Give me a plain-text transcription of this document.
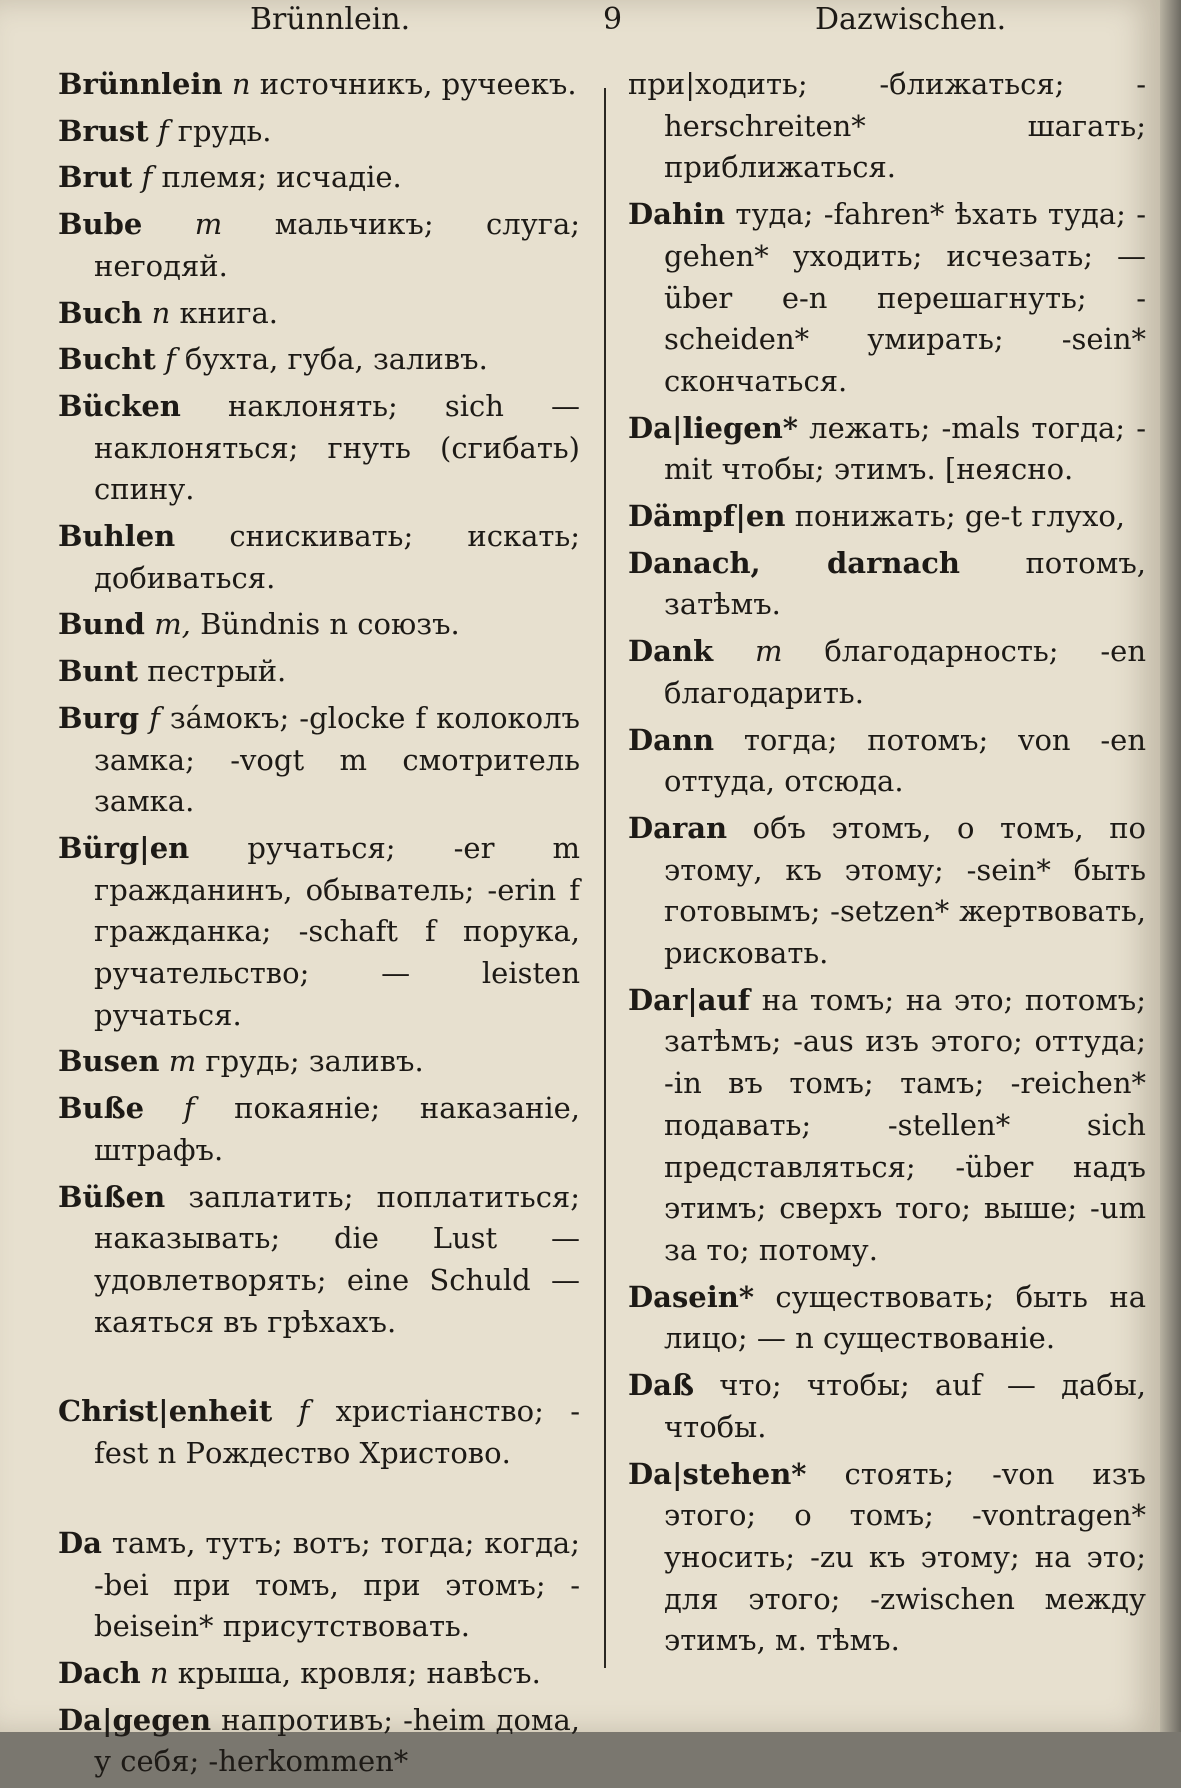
Brünnlein.	9	Dazwischen.

Brünnlein n источникъ, ручеекъ.

Brust f грудь.

Brut f племя; исчадіе.

Bube m мальчикъ; слуга; негодяй.

Buch n книга.

Bucht f бухта, губа, заливъ.

Bücken наклонять; sich — наклоняться; гнуть (сгибать) спину.

Buhlen снискивать; искать; добиваться.

Bund m, Bündnis n союзъ.

Bunt пестрый.

Burg f зáмокъ; -glocke f колоколъ замка; -vogt m смотритель замка.

Bürg|en ручаться; -er m гражданинъ, обыватель; -erin f гражданка; -schaft f порука, ручательство; — leisten ручаться.

Busen m грудь; заливъ.

Buße f покаяніе; наказаніе, штрафъ.

Büßen заплатить; поплатиться; наказывать; die Lust — удовлетворять; eine Schuld — каяться въ грѣхахъ.

Christ|enheit f христіанство; -fest n Рождество Христово.

Da тамъ, тутъ; вотъ; тогда; когда; -bei при томъ, при этомъ; -beisein* присутствовать.

Dach n крыша, кровля; навѣсъ.

Da|gegen напротивъ; -heim дома, у себя; -herkommen*

при|ходить; -ближаться; -herschreiten* шагать; приближаться.

Dahin туда; -fahren* ѣхать туда; -gehen* уходить; исчезать; — über e-n перешагнуть; -scheiden* умирать; -sein* скончаться.

Da|liegen* лежать; -mals тогда; -mit чтобы; этимъ. [неясно.

Dämpf|en понижать; ge-t глухо,

Danach, darnach потомъ, затѣмъ.

Dank m благодарность; -en благодарить.

Dann тогда; потомъ; von -en оттуда, отсюда.

Daran объ этомъ, о томъ, по этому, къ этому; -sein* быть готовымъ; -setzen* жертвовать, рисковать.

Dar|auf на томъ; на это; потомъ; затѣмъ; -aus изъ этого; оттуда; -in въ томъ; тамъ; -reichen* подавать; -stellen* sich представляться; -über надъ этимъ; сверхъ того; выше; -um за то; потому.

Dasein* существовать; быть на лицо; — n существованіе.

Daß что; чтобы; auf — дабы, чтобы.

Da|stehen* стоять; -von изъ этого; о томъ; -vontragen* уносить; -zu къ этому; на это; для этого; -zwischen между этимъ, м. тѣмъ.
